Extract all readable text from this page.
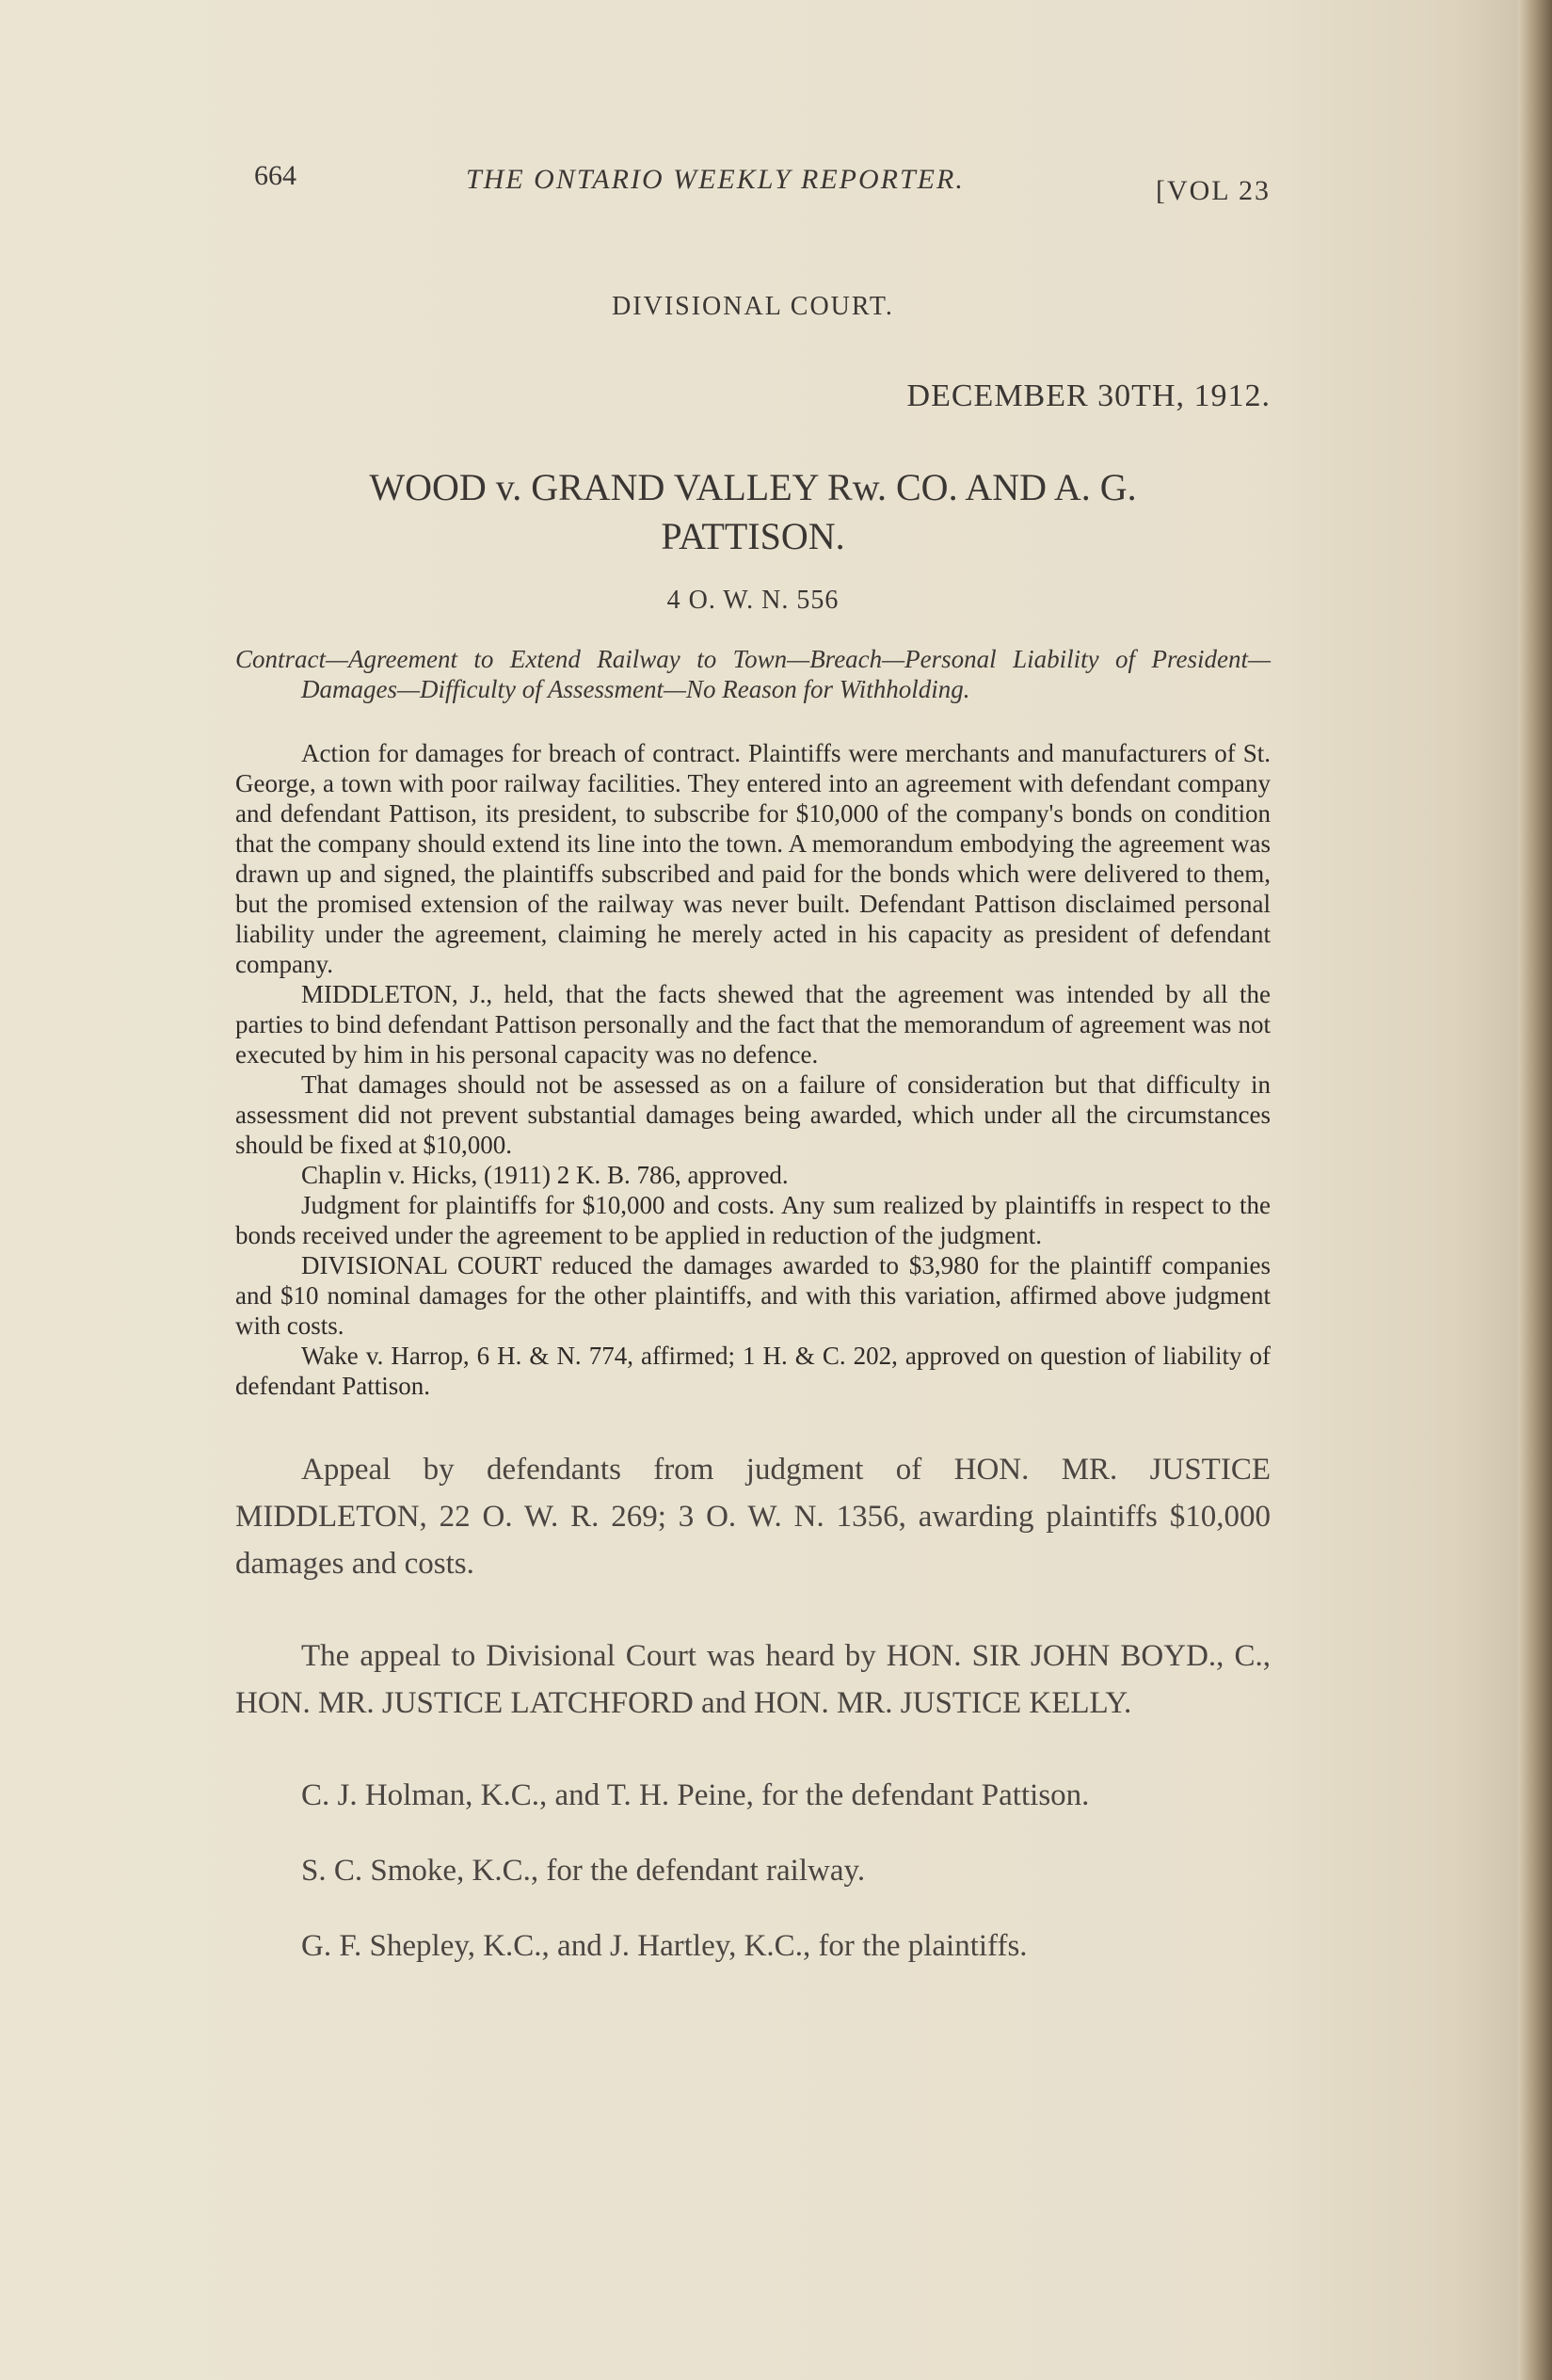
664	THE ONTARIO WEEKLY REPORTER.	[VOL 23
DIVISIONAL COURT.
DECEMBER 30TH, 1912.
WOOD v. GRAND VALLEY Rw. CO. AND A. G. PATTISON.
4 O. W. N. 556
Contract—Agreement to Extend Railway to Town—Breach—Personal Liability of President—Damages—Difficulty of Assessment—No Reason for Withholding.

Action for damages for breach of contract. Plaintiffs were merchants and manufacturers of St. George, a town with poor railway facilities. They entered into an agreement with defendant company and defendant Pattison, its president, to subscribe for $10,000 of the company's bonds on condition that the company should extend its line into the town. A memorandum embodying the agreement was drawn up and signed, the plaintiffs subscribed and paid for the bonds which were delivered to them, but the promised extension of the railway was never built. Defendant Pattison disclaimed personal liability under the agreement, claiming he merely acted in his capacity as president of defendant company.

MIDDLETON, J., held, that the facts shewed that the agreement was intended by all the parties to bind defendant Pattison personally and the fact that the memorandum of agreement was not executed by him in his personal capacity was no defence.

That damages should not be assessed as on a failure of consideration but that difficulty in assessment did not prevent substantial damages being awarded, which under all the circumstances should be fixed at $10,000.

Chaplin v. Hicks, (1911) 2 K. B. 786, approved.

Judgment for plaintiffs for $10,000 and costs. Any sum realized by plaintiffs in respect to the bonds received under the agreement to be applied in reduction of the judgment.

DIVISIONAL COURT reduced the damages awarded to $3,980 for the plaintiff companies and $10 nominal damages for the other plaintiffs, and with this variation, affirmed above judgment with costs.

Wake v. Harrop, 6 H. & N. 774, affirmed; 1 H. & C. 202, approved on question of liability of defendant Pattison.

Appeal by defendants from judgment of HON. MR. JUSTICE MIDDLETON, 22 O. W. R. 269; 3 O. W. N. 1356, awarding plaintiffs $10,000 damages and costs.

The appeal to Divisional Court was heard by HON. SIR JOHN BOYD., C., HON. MR. JUSTICE LATCHFORD and HON. MR. JUSTICE KELLY.

C. J. Holman, K.C., and T. H. Peine, for the defendant Pattison.

S. C. Smoke, K.C., for the defendant railway.

G. F. Shepley, K.C., and J. Hartley, K.C., for the plaintiffs.
